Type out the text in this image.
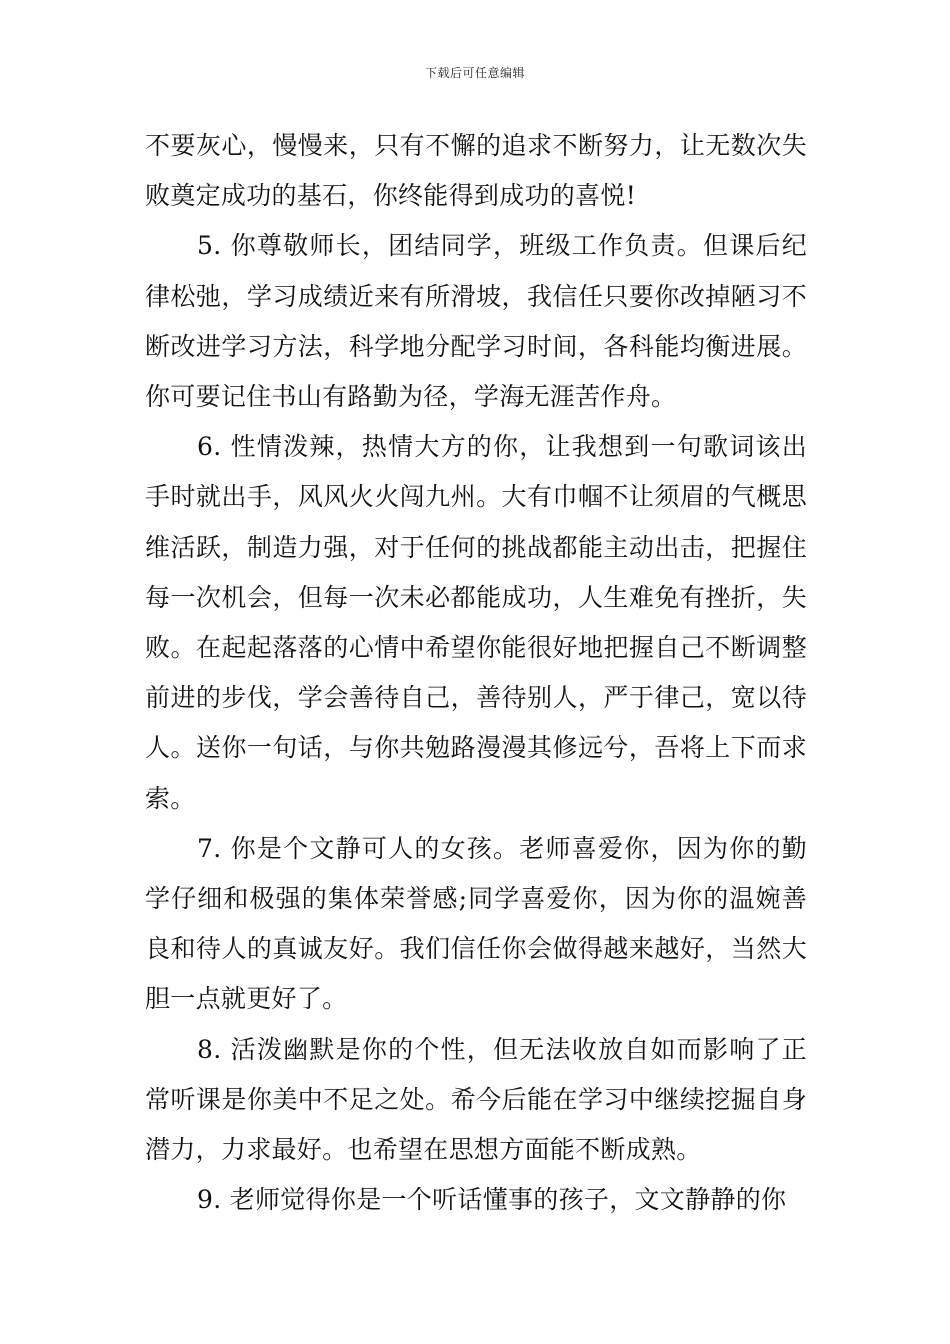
下载后可任意编辑

不要灰心，慢慢来，只有不懈的追求不断努力，让无数次失败奠定成功的基石，你终能得到成功的喜悦!

5. 你尊敬师长，团结同学，班级工作负责。但课后纪律松弛，学习成绩近来有所滑坡，我信任只要你改掉陋习不断改进学习方法，科学地分配学习时间，各科能均衡进展。你可要记住书山有路勤为径，学海无涯苦作舟。

6. 性情泼辣，热情大方的你，让我想到一句歌词该出手时就出手，风风火火闯九州。大有巾帼不让须眉的气概思维活跃，制造力强，对于任何的挑战都能主动出击，把握住每一次机会，但每一次未必都能成功，人生难免有挫折，失败。在起起落落的心情中希望你能很好地把握自己不断调整前进的步伐，学会善待自己，善待别人，严于律己，宽以待人。送你一句话，与你共勉路漫漫其修远兮，吾将上下而求索。

7. 你是个文静可人的女孩。老师喜爱你，因为你的勤学仔细和极强的集体荣誉感;同学喜爱你，因为你的温婉善良和待人的真诚友好。我们信任你会做得越来越好，当然大胆一点就更好了。

8. 活泼幽默是你的个性，但无法收放自如而影响了正常听课是你美中不足之处。希今后能在学习中继续挖掘自身潜力，力求最好。也希望在思想方面能不断成熟。

9. 老师觉得你是一个听话懂事的孩子，文文静静的你
